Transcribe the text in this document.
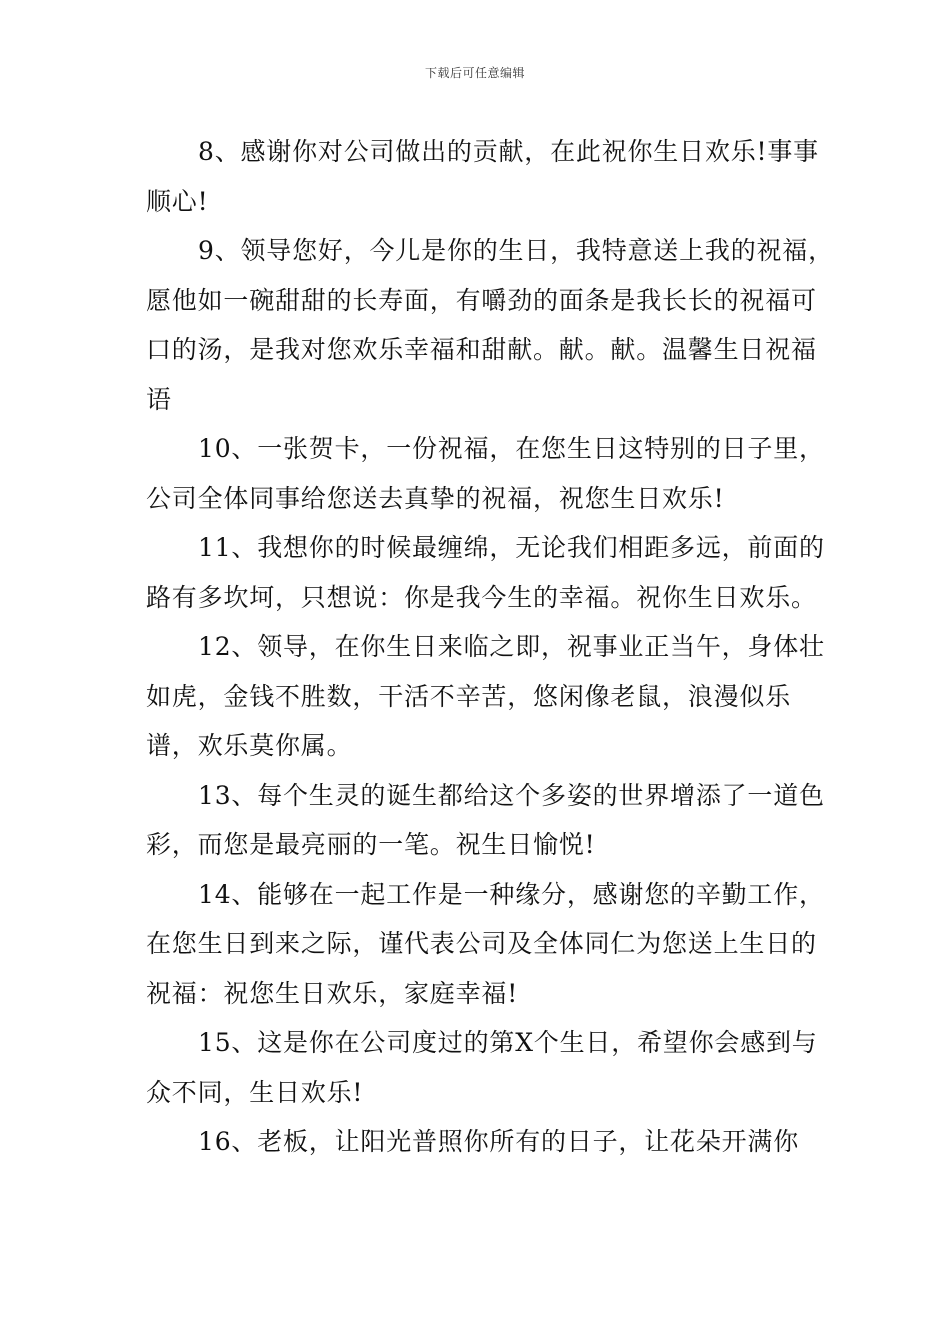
下载后可任意编辑

8、感谢你对公司做出的贡献，在此祝你生日欢乐!事事顺心!

9、领导您好，今儿是你的生日，我特意送上我的祝福，愿他如一碗甜甜的长寿面，有嚼劲的面条是我长长的祝福可口的汤，是我对您欢乐幸福和甜献。献。献。温馨生日祝福语

10、一张贺卡，一份祝福，在您生日这特别的日子里，公司全体同事给您送去真挚的祝福，祝您生日欢乐!

11、我想你的时候最缠绵，无论我们相距多远，前面的路有多坎坷，只想说：你是我今生的幸福。祝你生日欢乐。

12、领导，在你生日来临之即，祝事业正当午，身体壮如虎，金钱不胜数，干活不辛苦，悠闲像老鼠，浪漫似乐谱，欢乐莫你属。

13、每个生灵的诞生都给这个多姿的世界增添了一道色彩，而您是最亮丽的一笔。祝生日愉悦!

14、能够在一起工作是一种缘分，感谢您的辛勤工作，在您生日到来之际，谨代表公司及全体同仁为您送上生日的祝福：祝您生日欢乐，家庭幸福!

15、这是你在公司度过的第X个生日，希望你会感到与众不同，生日欢乐!

16、老板，让阳光普照你所有的日子，让花朵开满你
